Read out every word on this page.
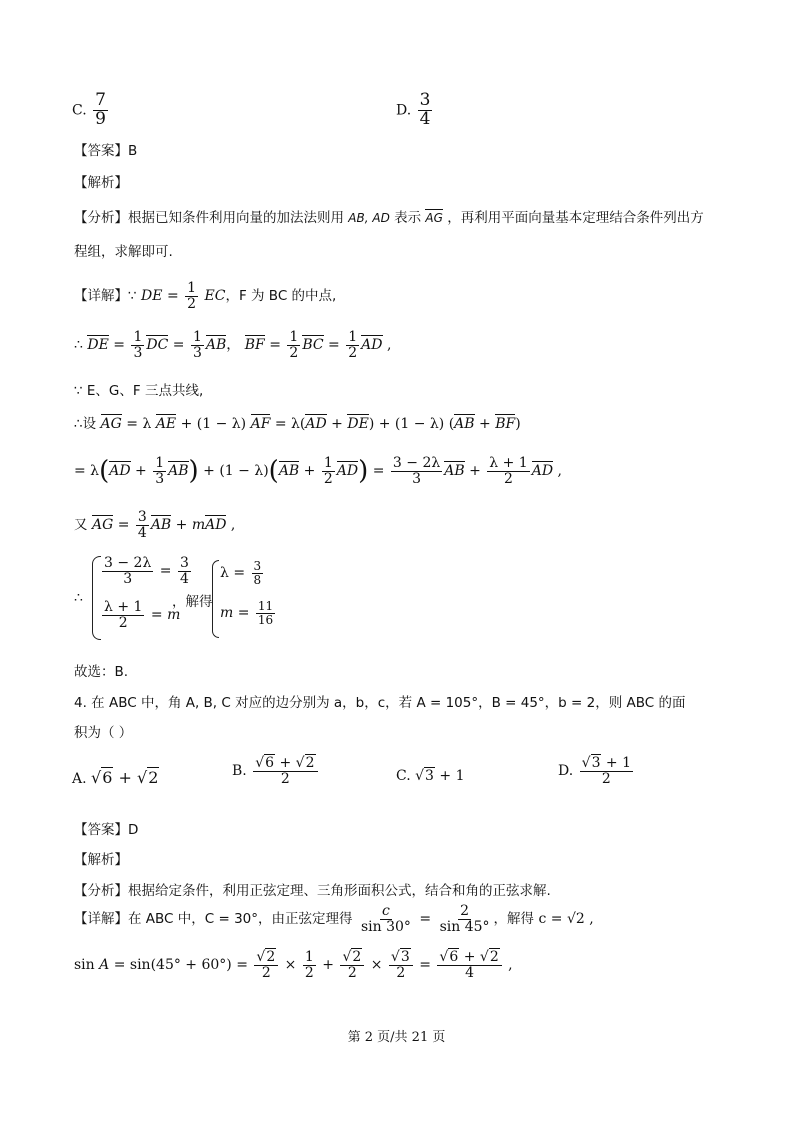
C. $\frac{7}{9}$	D. $\frac{3}{4}$
【答案】B
【解析】
【分析】根据已知条件利用向量的加法法则用 AB, AD 表示 AG ，再利用平面向量基本定理结合条件列出方
程组，求解即可.
【详解】∵ DE = $\frac{1}{2}$ EC，F 为 BC 的中点,
∴ DE = $\frac{1}{3}$ DC = $\frac{1}{3}$ AB， BF = $\frac{1}{2}$ BC = $\frac{1}{2}$ AD ,
∵ E、G、F 三点共线,
∴设 AG = λ AE + (1 − λ) AF = λ(AD + DE) + (1 − λ) (AB + BF)
= $\lambda(AD + \frac{1}{3} AB) + (1 - \lambda)(AB + \frac{1}{2} AD) = \frac{3 - 2\lambda}{3}$ AB + $\frac{\lambda + 1}{2}$ AD ,
又 AG = $\frac{3}{4}$ AB + mAD ,
∴
$\frac{3 - 2\lambda}{3} = \frac{3}{4}$
$\frac{\lambda + 1}{2} = m$
，解得
$\lambda = \frac{3}{8}$
$m = \frac{11}{16}$
故选：B.
4. 在 ABC 中，角 A, B, C 对应的边分别为 a，b，c，若 A = 105°，B = 45°，b = 2，则 ABC 的面
积为（ ）
A. √6 + √2	B. $\frac{√6 + √2}{2}$	C. √3 + 1	D. $\frac{√3 + 1}{2}$
【答案】D
【解析】
【分析】根据给定条件，利用正弦定理、三角形面积公式，结合和角的正弦求解.
【详解】在 ABC 中，C = 30°，由正弦定理得 $\frac{c}{\sin 30^\circ} = \frac{2}{\sin 45^\circ}$ ，解得 c = √2 ,
$\sin A = \sin(45^\circ + 60^\circ) = \frac{√2}{2} \times \frac{1}{2} + \frac{√2}{2} \times \frac{√3}{2} = \frac{√6 + √2}{4}$ ,
第 2 页/共 21 页
